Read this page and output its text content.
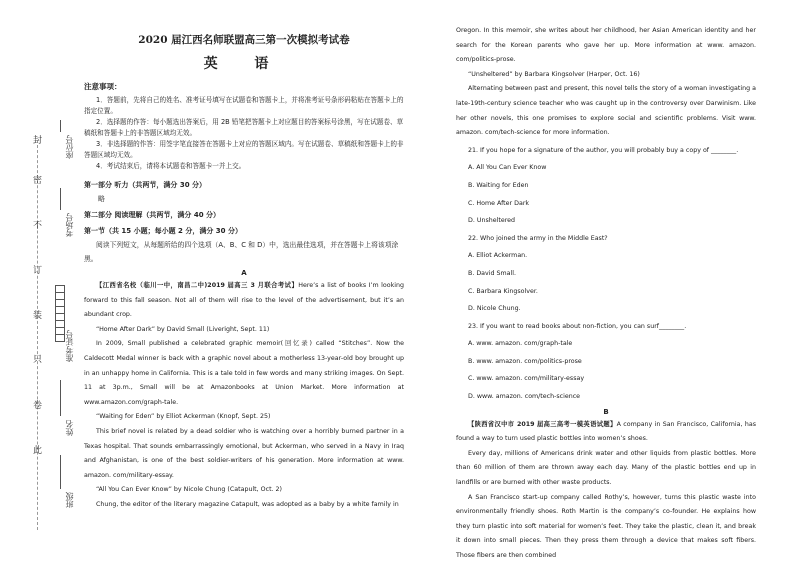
封
密
不
订
装
只
卷
此
座位号
考场号
准考证号
姓名
班级
2020 届江西名师联盟高三第一次模拟考试卷
英 语
注意事项：

1．答题前，先将自己的姓名、准考证号填写在试题卷和答题卡上，并将准考证号条形码粘贴在答题卡上的指定位置。

2．选择题的作答：每小题选出答案后，用 2B 铅笔把答题卡上对应题目的答案标号涂黑，写在试题卷、草稿纸和答题卡上的非答题区域均无效。

3．非选择题的作答：用签字笔直接答在答题卡上对应的答题区域内。写在试题卷、草稿纸和答题卡上的非答题区域均无效。

4．考试结束后，请将本试题卷和答题卡一并上交。

第一部分 听力（共两节，满分 30 分）
略
第二部分 阅读理解（共两节，满分 40 分）
第一节（共 15 小题；每小题 2 分，满分 30 分）

阅读下列短文，从每题所给的四个选项（A、B、C 和 D）中，选出最佳选项，并在答题卡上将该项涂黑。

A

【江西省名校（临川一中，南昌二中)2019 届高三 3 月联合考试】Here’s a list of books I’m looking forward to this fall season. Not all of them will rise to the level of the advertisement, but it’s an abundant crop.

“Home After Dark” by David Small (Liveright, Sept. 11)

In 2009, Small published a celebrated graphic memoir(回忆录) called “Stitches”. Now the Caldecott Medal winner is back with a graphic novel about a motherless 13-year-old boy brought up in an unhappy home in California. This is a tale told in few words and many striking images. On Sept. 11 at 3p.m., Small will be at Amazonbooks at Union Market. More information at www.amazon.com/graph-tale.

“Waiting for Eden” by Elliot Ackerman (Knopf, Sept. 25)

This brief novel is related by a dead soldier who is watching over a horribly burned partner in a Texas hospital. That sounds embarrassingly emotional, but Ackerman, who served in a Navy in Iraq and Afghanistan, is one of the best soldier-writers of his generation. More information at www. amazon. com/military-essay.

“All You Can Ever Know” by Nicole Chung (Catapult, Oct. 2)

Chung, the editor of the literary magazine Catapult, was adopted as a baby by a white family in

Oregon. In this memoir, she writes about her childhood, her Asian American identity and her search for the Korean parents who gave her up. More information at www. amazon. com/politics-prose.

“Unsheltered” by Barbara Kingsolver (Harper, Oct. 16)

Alternating between past and present, this novel tells the story of a woman investigating a late-19th-century science teacher who was caught up in the controversy over Darwinism. Like her other novels, this one promises to explore social and scientific problems. Visit www. amazon. com/tech-science for more information.

21. If you hope for a signature of the author, you will probably buy a copy of ________.

A. All You Can Ever Know

B. Waiting for Eden

C. Home After Dark

D. Unsheltered

22. Who joined the army in the Middle East?

A. Elliot Ackerman.

B. David Small.

C. Barbara Kingsolver.

D. Nicole Chung.

23. If you want to read books about non-fiction, you can surf________.

A. www. amazon. com/graph-tale

B. www. amazon. com/politics-prose

C. www. amazon. com/military-essay

D. www. amazon. com/tech-science

B

【陕西省汉中市 2019 届高三高考一模英语试题】A company in San Francisco, California, has found a way to turn used plastic bottles into women’s shoes.

Every day, millions of Americans drink water and other liquids from plastic bottles. More than 60 million of them are thrown away each day. Many of the plastic bottles end up in landfills or are burned with other waste products.

A San Francisco start-up company called Rothy’s, however, turns this plastic waste into environmentally friendly shoes. Roth Martin is the company’s co-founder. He explains how they turn plastic into soft material for women’s feet. They take the plastic, clean it, and break it down into small pieces. Then they press them through a device that makes soft fibers. Those fibers are then combined
